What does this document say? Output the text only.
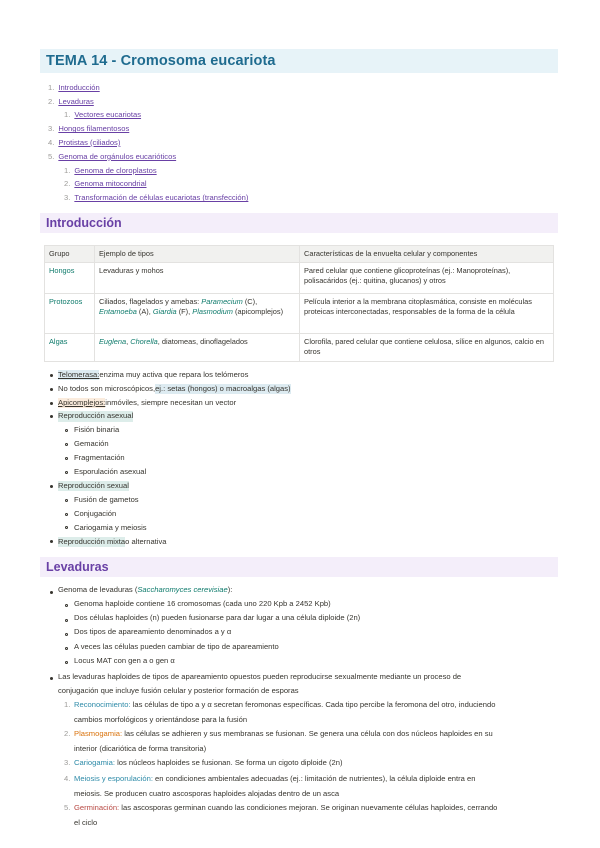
TEMA 14 - Cromosoma eucariota
1. Introducción
2. Levaduras
1. Vectores eucariotas
3. Hongos filamentosos
4. Protistas (ciliados)
5. Genoma de orgánulos eucarióticos
1. Genoma de cloroplastos
2. Genoma mitocondrial
3. Transformación de células eucariotas (transfección)
Introducción
Grupo	Ejemplo de tipos	Características de la envuelta celular y componentes
Hongos	Levaduras y mohos	Pared celular que contiene glicoproteínas (ej.: Manoproteínas), polisacáridos (ej.: quitina, glucanos) y otros
Protozoos	Ciliados, flagelados y amebas: Paramecium (C), Entamoeba (A), Giardia (F), Plasmodium (apicomplejos)	Película interior a la membrana citoplasmática, consiste en moléculas proteicas interconectadas, responsables de la forma de la célula
Algas	Euglena, Chorella, diatomeas, dinoflagelados	Clorofila, pared celular que contiene celulosa, sílice en algunos, calcio en otros
Telomerasa: enzima muy activa que repara los telómeros
No todos son microscópicos, ej.: setas (hongos) o macroalgas (algas)
Apicomplejos: inmóviles, siempre necesitan un vector
Reproducción asexual
Fisión binaria
Gemación
Fragmentación
Esporulación asexual
Reproducción sexual
Fusión de gametos
Conjugación
Cariogamia y meiosis
Reproducción mixta o alternativa
Levaduras
Genoma de levaduras ( Saccharomyces cerevisiae ):
Genoma haploide contiene 16 cromosomas (cada uno 220 Kpb a 2452 Kpb)
Dos células haploides (n) pueden fusionarse para dar lugar a una célula diploide (2n)
Dos tipos de apareamiento denominados a y α
A veces las células pueden cambiar de tipo de apareamiento
Locus MAT con gen a o gen α
Las levaduras haploides de tipos de apareamiento opuestos pueden reproducirse sexualmente mediante un proceso de
conjugación que incluye fusión celular y posterior formación de esporas
1. Reconocimiento: las células de tipo a y α secretan feromonas específicas. Cada tipo percibe la feromona del otro, induciendo
cambios morfológicos y orientándose para la fusión
2. Plasmogamia: las células se adhieren y sus membranas se fusionan. Se genera una célula con dos núcleos haploides en su
interior (dicariótica de forma transitoria)
3. Cariogamia: los núcleos haploides se fusionan. Se forma un cigoto diploide (2n)
4. Meiosis y esporulación: en condiciones ambientales adecuadas (ej.: limitación de nutrientes), la célula diploide entra en
meiosis. Se producen cuatro ascosporas haploides alojadas dentro de un asca
5. Germinación: las ascosporas germinan cuando las condiciones mejoran. Se originan nuevamente células haploides, cerrando
el ciclo
